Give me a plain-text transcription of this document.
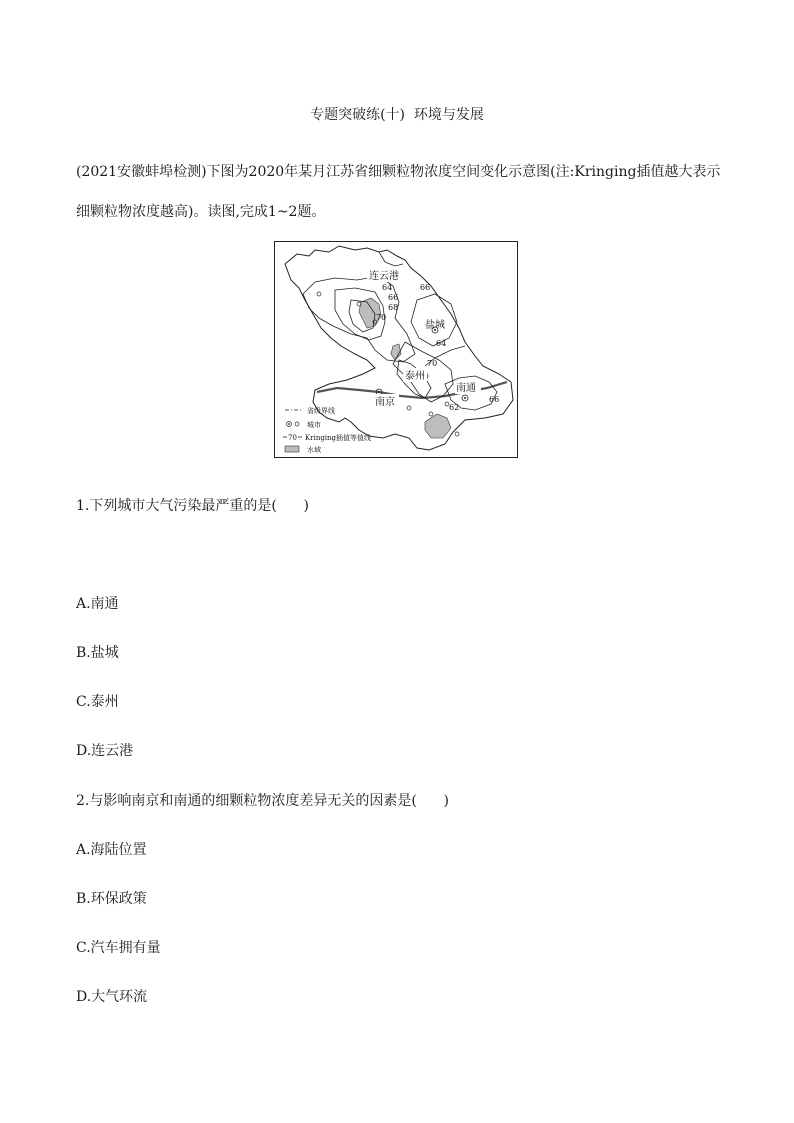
专题突破练(十)  环境与发展
(2021安徽蚌埠检测)下图为2020年某月江苏省细颗粒物浓度空间变化示意图(注:Kringing插值越大表示细颗粒物浓度越高)。读图,完成1~2题。
连云港
盐城
泰州
南京
南通
64	66
66
68
70
64
70
62
66
省级界线
城市
70 Kringing插值等值线
水域
1.下列城市大气污染最严重的是(      )
A.南通
B.盐城
C.泰州
D.连云港
2.与影响南京和南通的细颗粒物浓度差异无关的因素是(      )
A.海陆位置
B.环保政策
C.汽车拥有量
D.大气环流
